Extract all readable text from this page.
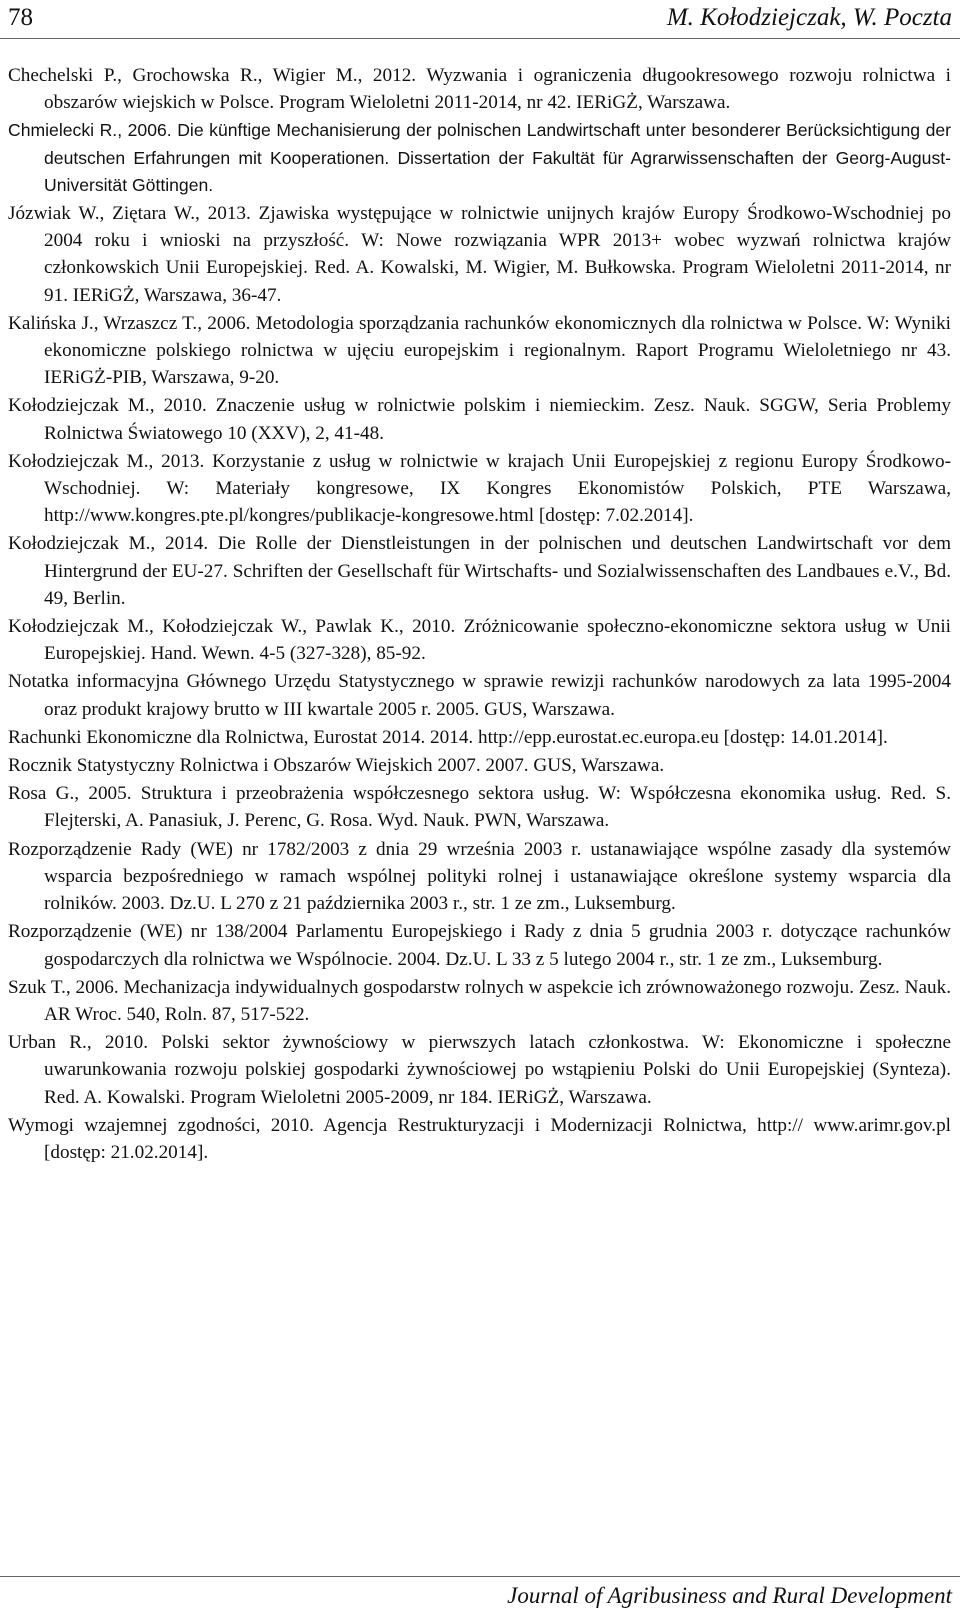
78	M. Kołodziejczak, W. Poczta

Chechelski P., Grochowska R., Wigier M., 2012. Wyzwania i ograniczenia długookresowego rozwoju rolnictwa i obszarów wiejskich w Polsce. Program Wieloletni 2011-2014, nr 42. IERiGŻ, Warszawa.

Chmielecki R., 2006. Die künftige Mechanisierung der polnischen Landwirtschaft unter besonderer Berücksichtigung der deutschen Erfahrungen mit Kooperationen. Dissertation der Fakultät für Agrarwissenschaften der Georg-August-Universität Göttingen.

Józwiak W., Ziętara W., 2013. Zjawiska występujące w rolnictwie unijnych krajów Europy Środkowo-Wschodniej po 2004 roku i wnioski na przyszłość. W: Nowe rozwiązania WPR 2013+ wobec wyzwań rolnictwa krajów członkowskich Unii Europejskiej. Red. A. Kowalski, M. Wigier, M. Bułkowska. Program Wieloletni 2011-2014, nr 91. IERiGŻ, Warszawa, 36-47.

Kalińska J., Wrzaszcz T., 2006. Metodologia sporządzania rachunków ekonomicznych dla rolnictwa w Polsce. W: Wyniki ekonomiczne polskiego rolnictwa w ujęciu europejskim i regionalnym. Raport Programu Wieloletniego nr 43. IERiGŻ-PIB, Warszawa, 9-20.

Kołodziejczak M., 2010. Znaczenie usług w rolnictwie polskim i niemieckim. Zesz. Nauk. SGGW, Seria Problemy Rolnictwa Światowego 10 (XXV), 2, 41-48.

Kołodziejczak M., 2013. Korzystanie z usług w rolnictwie w krajach Unii Europejskiej z regionu Europy Środkowo-Wschodniej. W: Materiały kongresowe, IX Kongres Ekonomistów Polskich, PTE Warszawa, http://www.kongres.pte.pl/kongres/publikacje-kongresowe.html [dostęp: 7.02.2014].

Kołodziejczak M., 2014. Die Rolle der Dienstleistungen in der polnischen und deutschen Landwirtschaft vor dem Hintergrund der EU-27. Schriften der Gesellschaft für Wirtschafts- und Sozialwissenschaften des Landbaues e.V., Bd. 49, Berlin.

Kołodziejczak M., Kołodziejczak W., Pawlak K., 2010. Zróżnicowanie społeczno-ekonomiczne sektora usług w Unii Europejskiej. Hand. Wewn. 4-5 (327-328), 85-92.

Notatka informacyjna Głównego Urzędu Statystycznego w sprawie rewizji rachunków narodowych za lata 1995-2004 oraz produkt krajowy brutto w III kwartale 2005 r. 2005. GUS, Warszawa.

Rachunki Ekonomiczne dla Rolnictwa, Eurostat 2014. 2014. http://epp.eurostat.ec.europa.eu [dostęp: 14.01.2014].

Rocznik Statystyczny Rolnictwa i Obszarów Wiejskich 2007. 2007. GUS, Warszawa.

Rosa G., 2005. Struktura i przeobrażenia współczesnego sektora usług. W: Współczesna ekonomika usług. Red. S. Flejterski, A. Panasiuk, J. Perenc, G. Rosa. Wyd. Nauk. PWN, Warszawa.

Rozporządzenie Rady (WE) nr 1782/2003 z dnia 29 września 2003 r. ustanawiające wspólne zasady dla systemów wsparcia bezpośredniego w ramach wspólnej polityki rolnej i ustanawiające określone systemy wsparcia dla rolników. 2003. Dz.U. L 270 z 21 października 2003 r., str. 1 ze zm., Luksemburg.

Rozporządzenie (WE) nr 138/2004 Parlamentu Europejskiego i Rady z dnia 5 grudnia 2003 r. dotyczące rachunków gospodarczych dla rolnictwa we Wspólnocie. 2004. Dz.U. L 33 z 5 lutego 2004 r., str. 1 ze zm., Luksemburg.

Szuk T., 2006. Mechanizacja indywidualnych gospodarstw rolnych w aspekcie ich zrównoważonego rozwoju. Zesz. Nauk. AR Wroc. 540, Roln. 87, 517-522.

Urban R., 2010. Polski sektor żywnościowy w pierwszych latach członkostwa. W: Ekonomiczne i społeczne uwarunkowania rozwoju polskiej gospodarki żywnościowej po wstąpieniu Polski do Unii Europejskiej (Synteza). Red. A. Kowalski. Program Wieloletni 2005-2009, nr 184. IERiGŻ, Warszawa.

Wymogi wzajemnej zgodności, 2010. Agencja Restrukturyzacji i Modernizacji Rolnictwa, http:// www.arimr.gov.pl [dostęp: 21.02.2014].

Journal of Agribusiness and Rural Development
